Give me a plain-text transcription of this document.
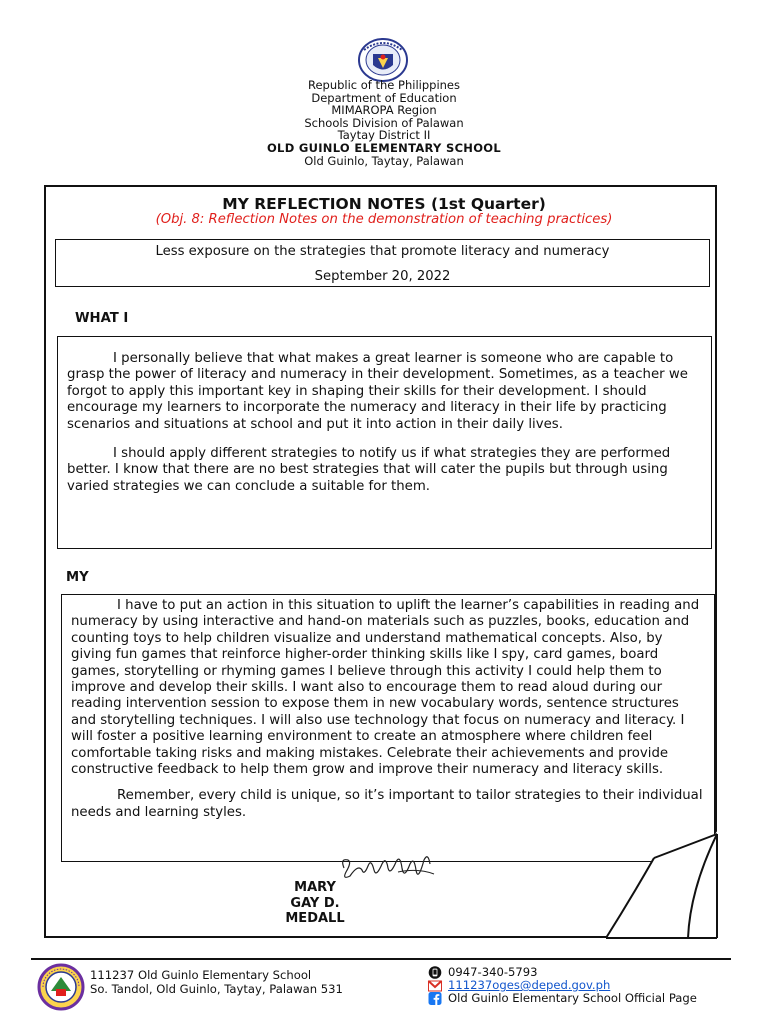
Republic of the Philippines
Department of Education
MIMAROPA Region
Schools Division of Palawan
Taytay District II
OLD GUINLO ELEMENTARY SCHOOL
Old Guinlo, Taytay, Palawan
MY REFLECTION NOTES (1st Quarter)
(Obj. 8: Reflection Notes on the demonstration of teaching practices)
Less exposure on the strategies that promote literacy and numeracy
September 20, 2022
WHAT I

I personally believe that what makes a great learner is someone who are capable to grasp the power of literacy and numeracy in their development. Sometimes, as a teacher we forgot to apply this important key in shaping their skills for their development. I should encourage my learners to incorporate the numeracy and literacy in their life by practicing scenarios and situations at school and put it into action in their daily lives.

I should apply different strategies to notify us if what strategies they are performed better. I know that there are no best strategies that will cater the pupils but through using varied strategies we can conclude a suitable for them.

MY

I have to put an action in this situation to uplift the learner’s capabilities in reading and numeracy by using interactive and hand-on materials such as puzzles, books, education and counting toys to help children visualize and understand mathematical concepts. Also, by giving fun games that reinforce higher-order thinking skills like I spy, card games, board games, storytelling or rhyming games I believe through this activity I could help them to improve and develop their skills. I want also to encourage them to read aloud during our reading intervention session to expose them in new vocabulary words, sentence structures and storytelling techniques. I will also use technology that focus on numeracy and literacy. I will foster a positive learning environment to create an atmosphere where children feel comfortable taking risks and making mistakes. Celebrate their achievements and provide constructive feedback to help them grow and improve their numeracy and literacy skills.

Remember, every child is unique, so it’s important to tailor strategies to their individual needs and learning styles.

MARY
GAY D.
MEDALL
111237 Old Guinlo Elementary School
So. Tandol, Old Guinlo, Taytay, Palawan 531
0947-340-5793
111237oges@deped.gov.ph
Old Guinlo Elementary School Official Page
